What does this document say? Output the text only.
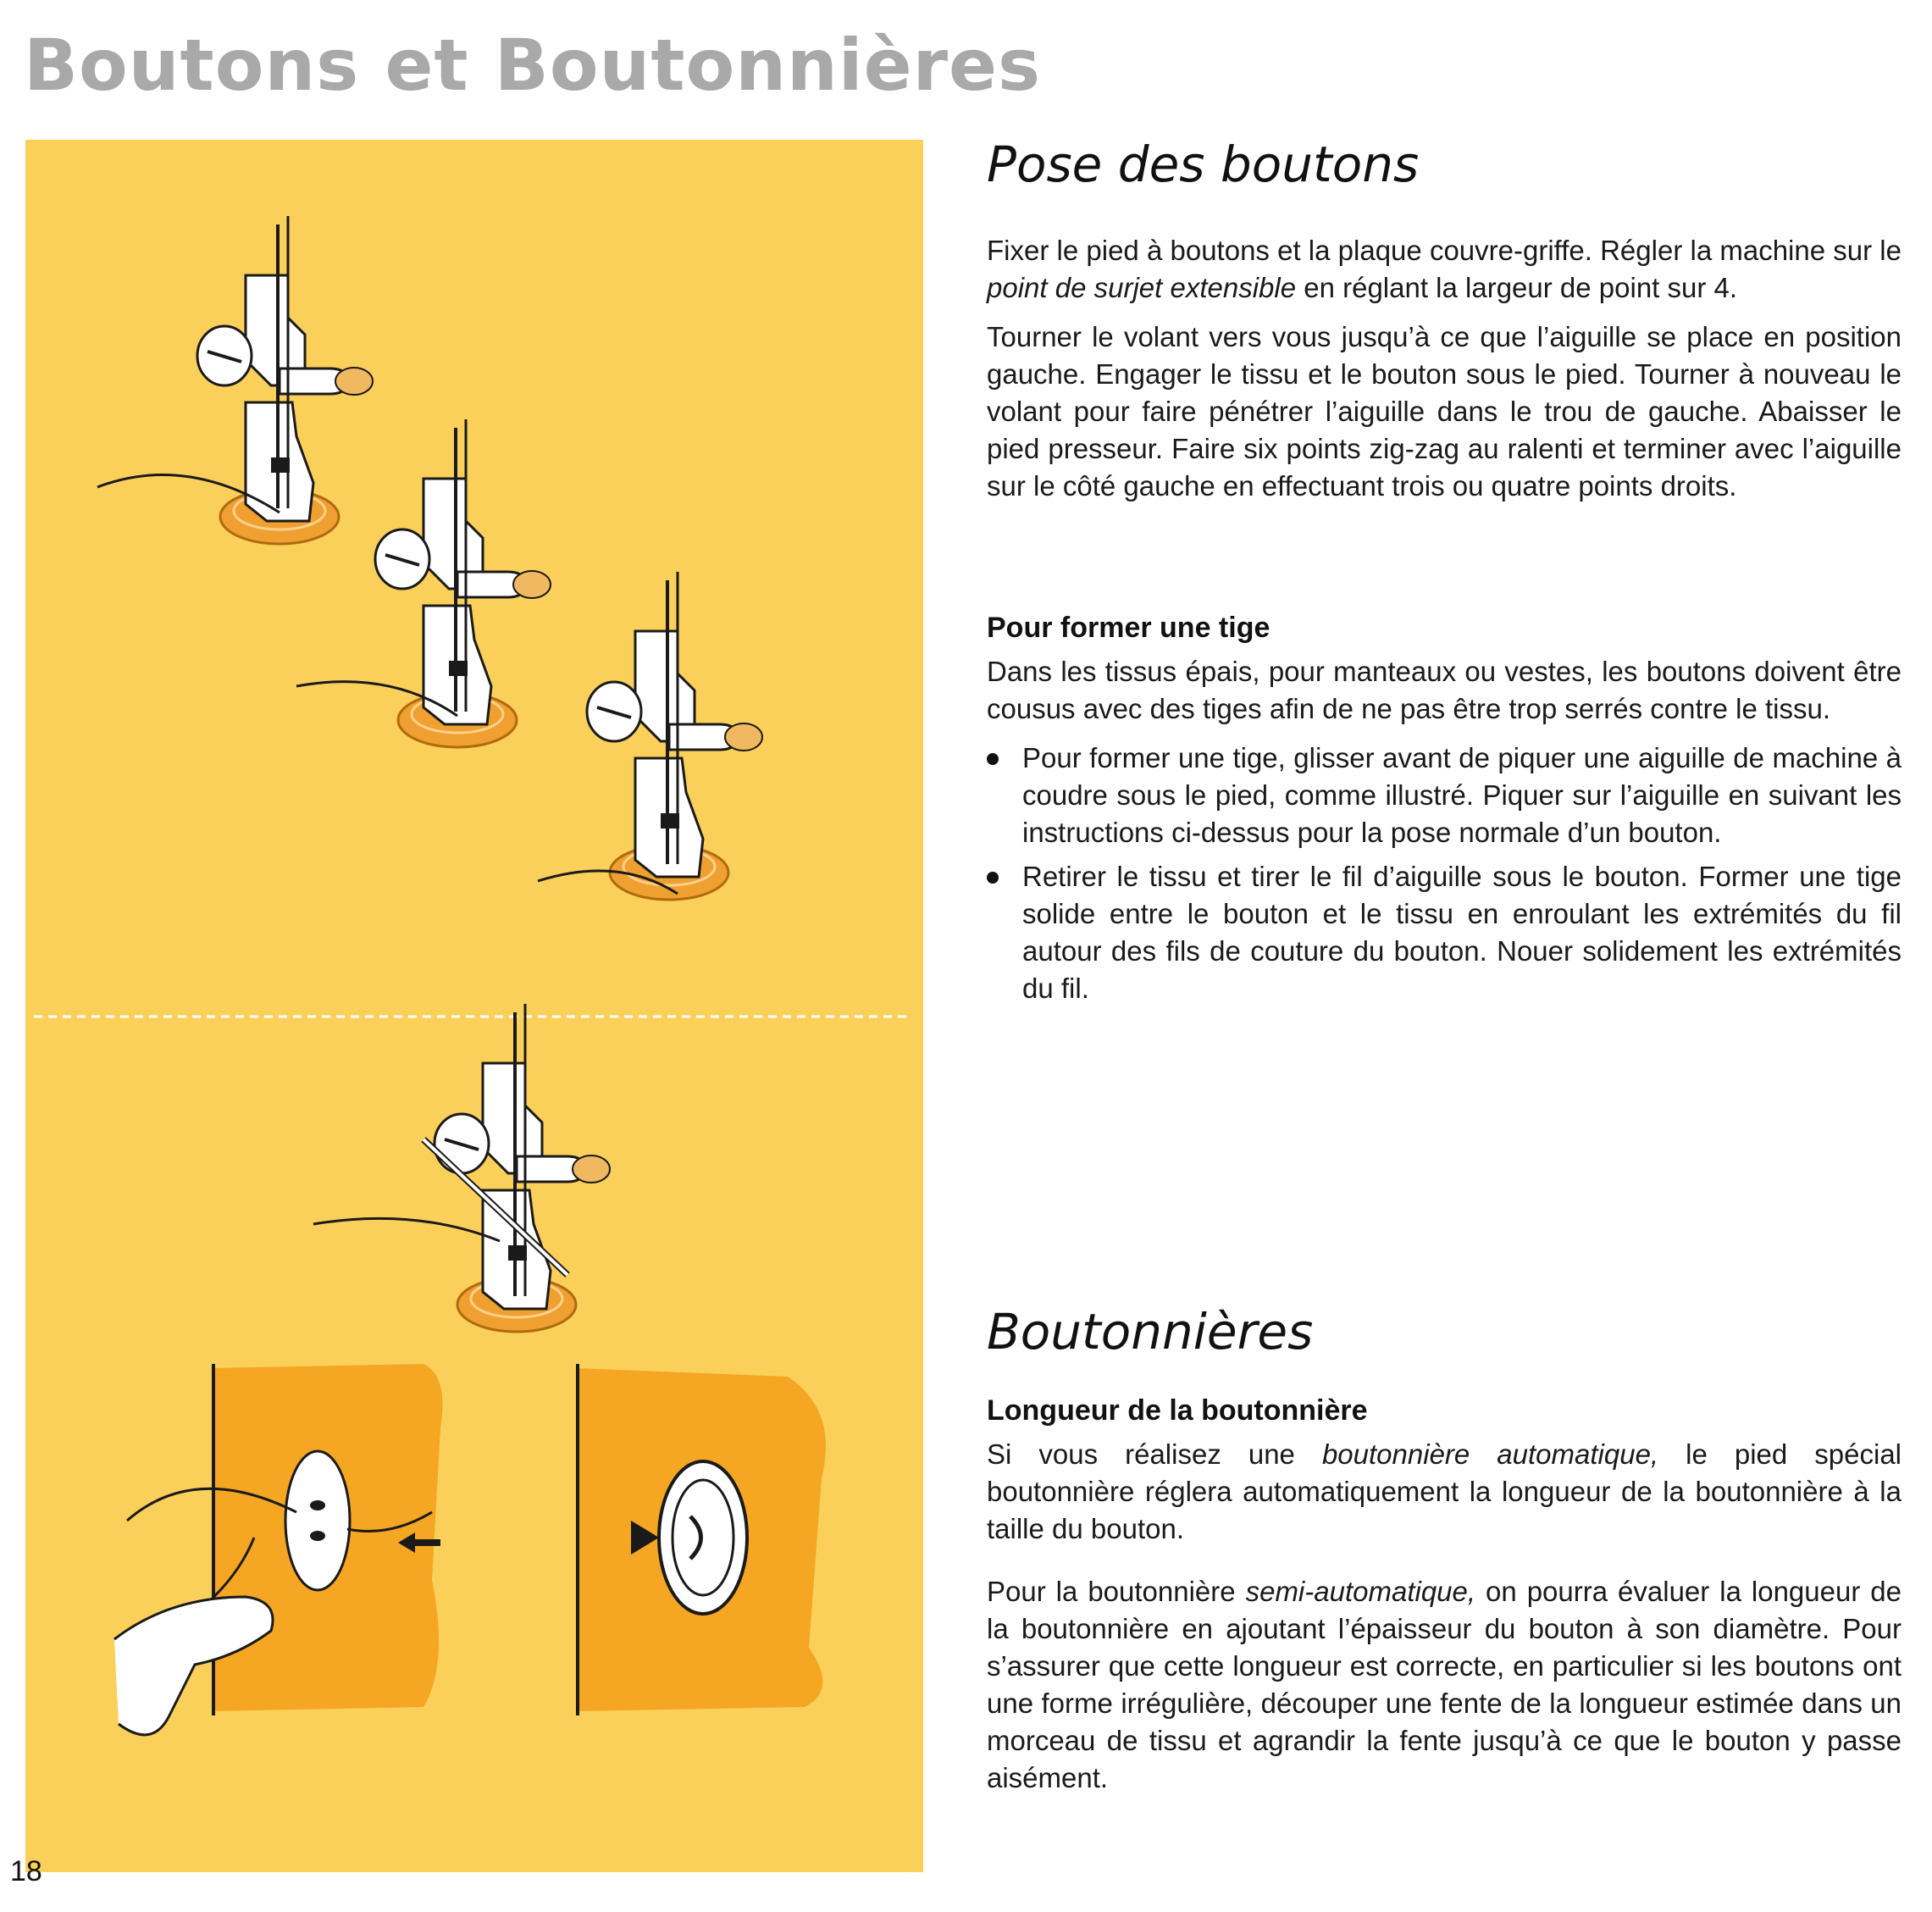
Boutons et Boutonnières
Pose des boutons

Fixer le pied à boutons et la plaque couvre-griffe. Régler la machine sur le point de surjet extensible en réglant la largeur de point sur 4.

Tourner le volant vers vous jusqu’à ce que l’aiguille se place en position gauche. Engager le tissu et le bouton sous le pied. Tourner à nouveau le volant pour faire pénétrer l’aiguille dans le trou de gauche. Abaisser le pied presseur. Faire six points zig-zag au ralenti et terminer avec l’aiguille sur le côté gauche en effectuant trois ou quatre points droits.

Pour former une tige

Dans les tissus épais, pour manteaux ou vestes, les boutons doivent être cousus avec des tiges afin de ne pas être trop serrés contre le tissu.

Pour former une tige, glisser avant de piquer une aiguille de machine à coudre sous le pied, comme illustré. Piquer sur l’aiguille en suivant les instructions ci-dessus pour la pose normale d’un bouton.
Retirer le tissu et tirer le fil d’aiguille sous le bouton. Former une tige solide entre le bouton et le tissu en enroulant les extrémités du fil autour des fils de couture du bouton. Nouer solidement les extrémités du fil.
Boutonnières
Longueur de la boutonnière

Si vous réalisez une boutonnière automatique, le pied spécial boutonnière réglera automatiquement la longueur de la boutonnière à la taille du bouton.

Pour la boutonnière semi-automatique, on pourra évaluer la longueur de la boutonnière en ajoutant l’épaisseur du bouton à son diamètre. Pour s’assurer que cette longueur est correcte, en particulier si les boutons ont une forme irrégulière, découper une fente de la longueur estimée dans un morceau de tissu et agrandir la fente jusqu’à ce que le bouton y passe aisément.

18
